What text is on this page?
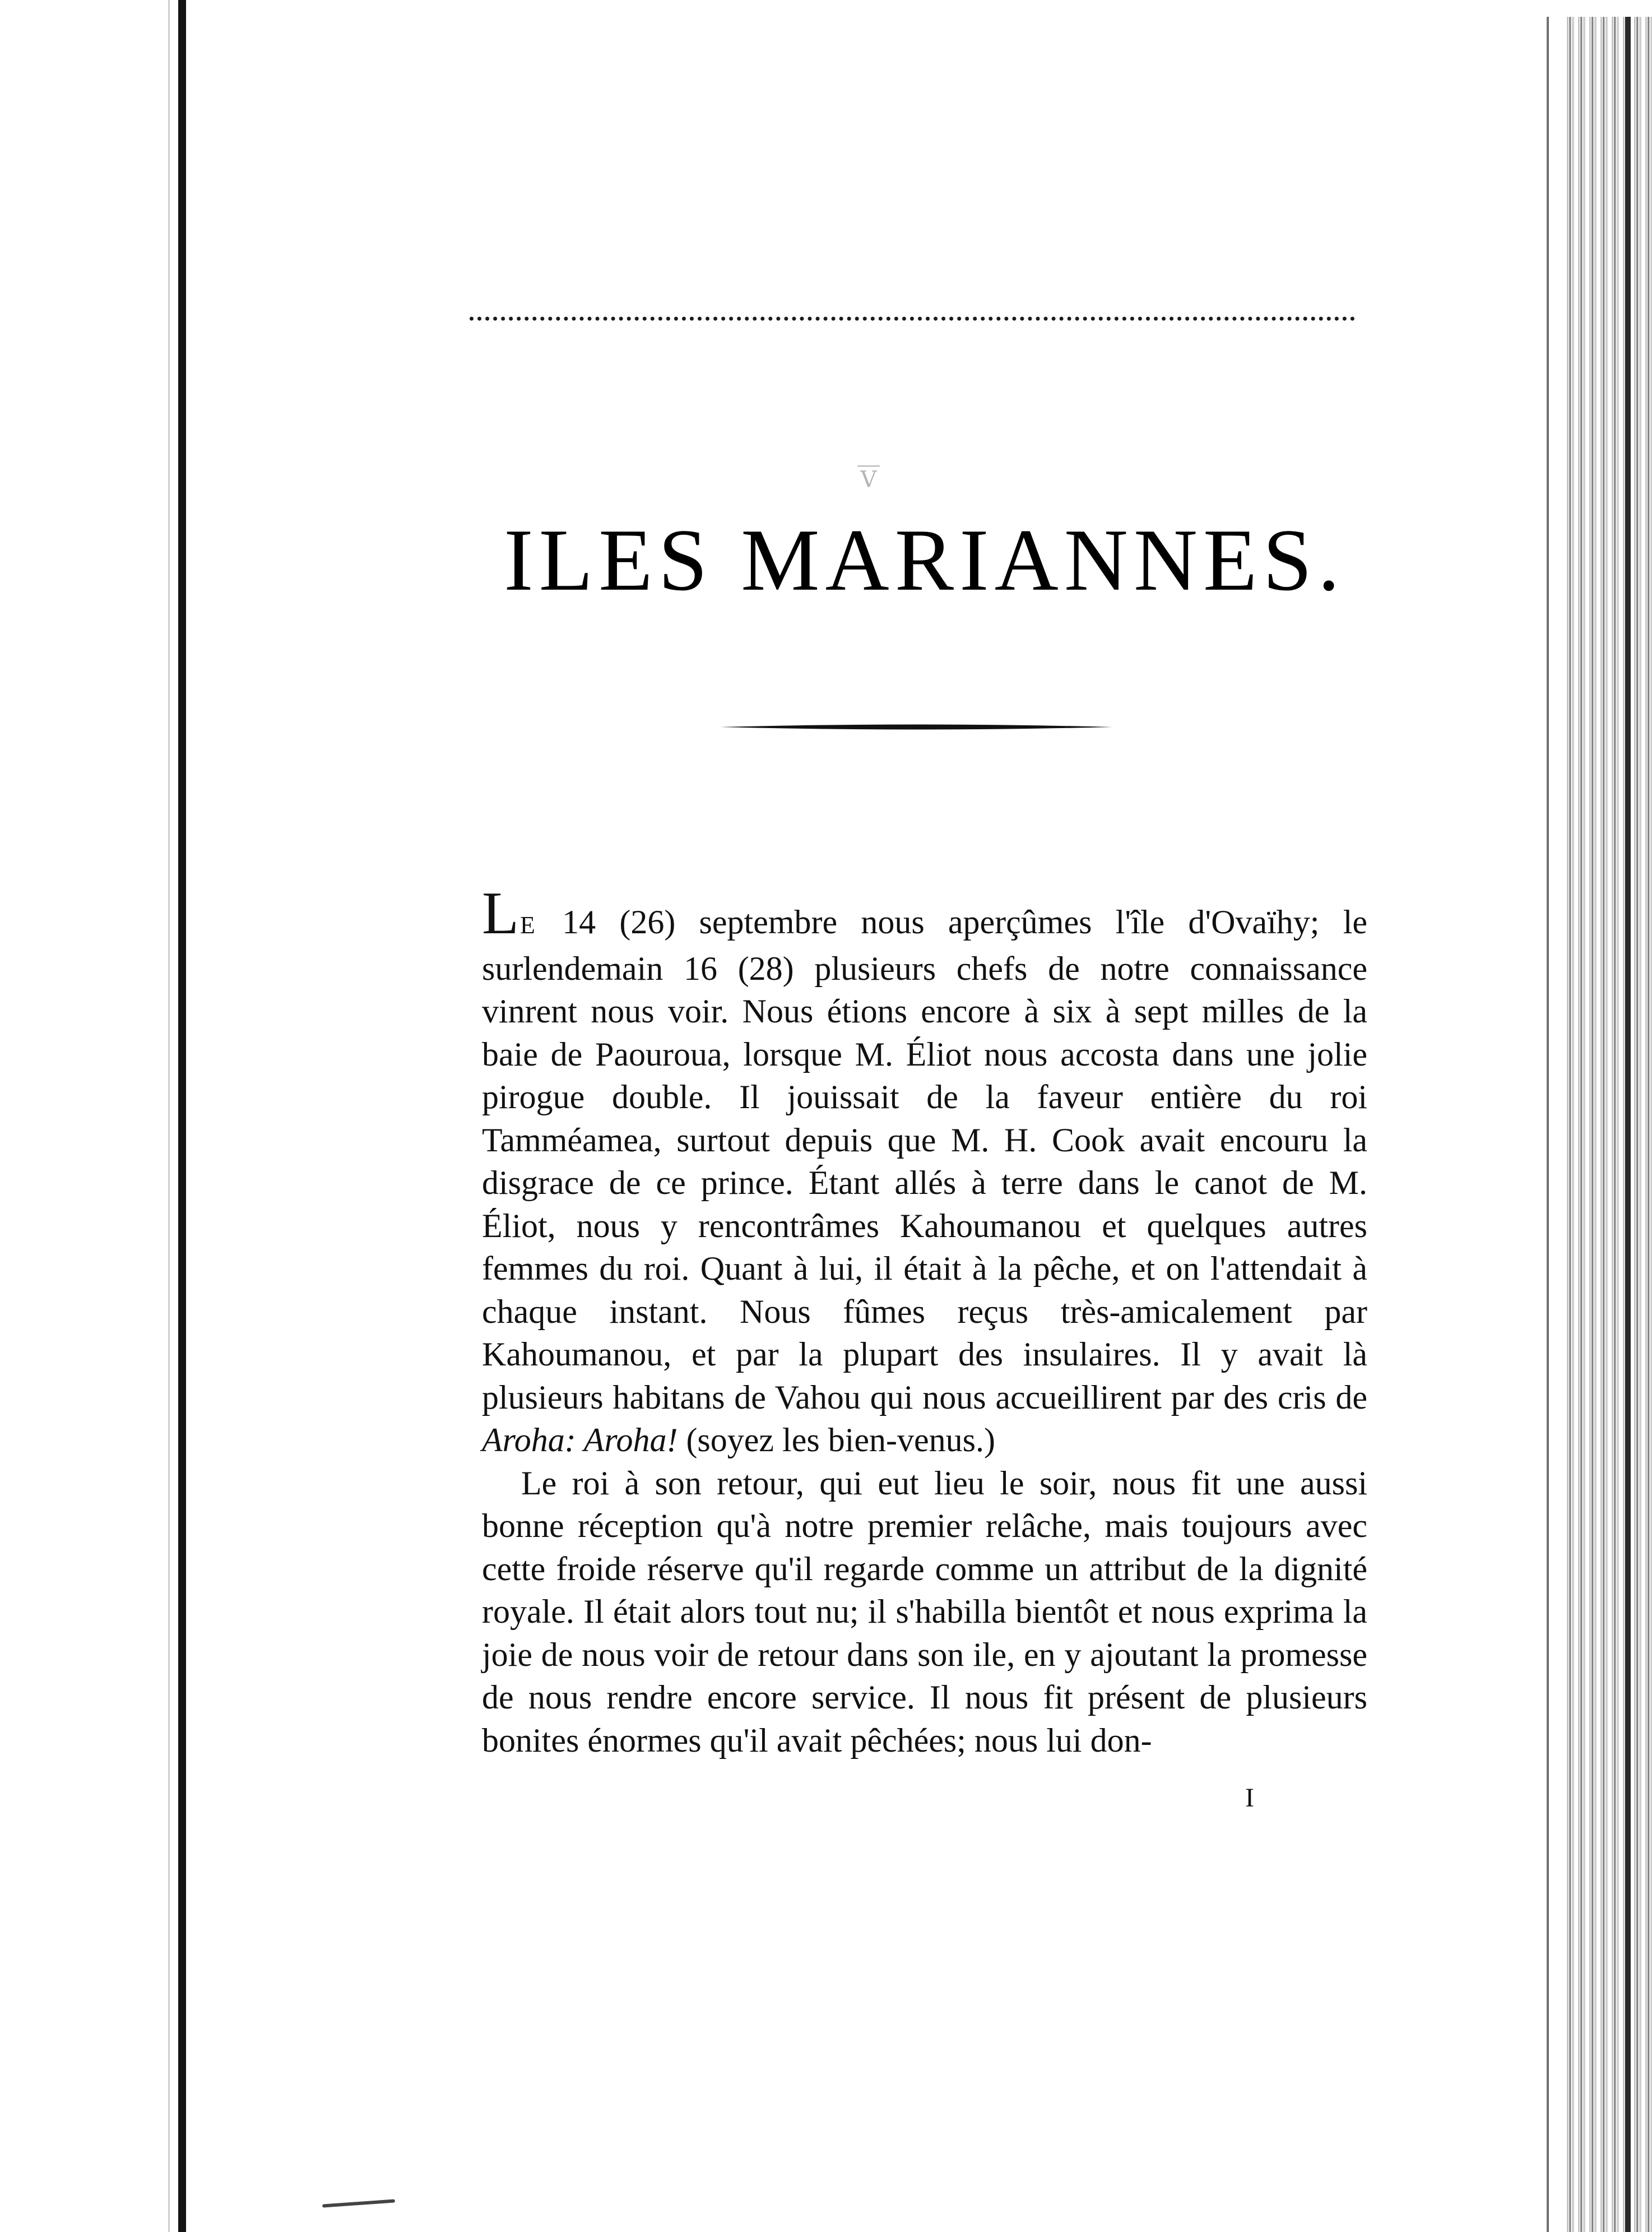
V
ILES MARIANNES.

LE 14 (26) septembre nous aperçûmes l'île d'Ovaïhy; le surlendemain 16 (28) plusieurs chefs de notre connaissance vinrent nous voir. Nous étions encore à six à sept milles de la baie de Paouroua, lorsque M. Éliot nous accosta dans une jolie pirogue double. Il jouissait de la faveur entière du roi Tamméamea, surtout depuis que M. H. Cook avait encouru la disgrace de ce prince. Étant allés à terre dans le canot de M. Éliot, nous y rencontrâmes Kahoumanou et quelques autres femmes du roi. Quant à lui, il était à la pêche, et on l'attendait à chaque instant. Nous fûmes reçus très-amicalement par Kahoumanou, et par la plupart des insulaires. Il y avait là plusieurs habitans de Vahou qui nous accueillirent par des cris de Aroha: Aroha! (soyez les bien-venus.)

Le roi à son retour, qui eut lieu le soir, nous fit une aussi bonne réception qu'à notre premier relâche, mais toujours avec cette froide réserve qu'il regarde comme un attribut de la dignité royale. Il était alors tout nu; il s'habilla bientôt et nous exprima la joie de nous voir de retour dans son ile, en y ajoutant la promesse de nous rendre encore service. Il nous fit présent de plusieurs bonites énormes qu'il avait pêchées; nous lui don-

I
